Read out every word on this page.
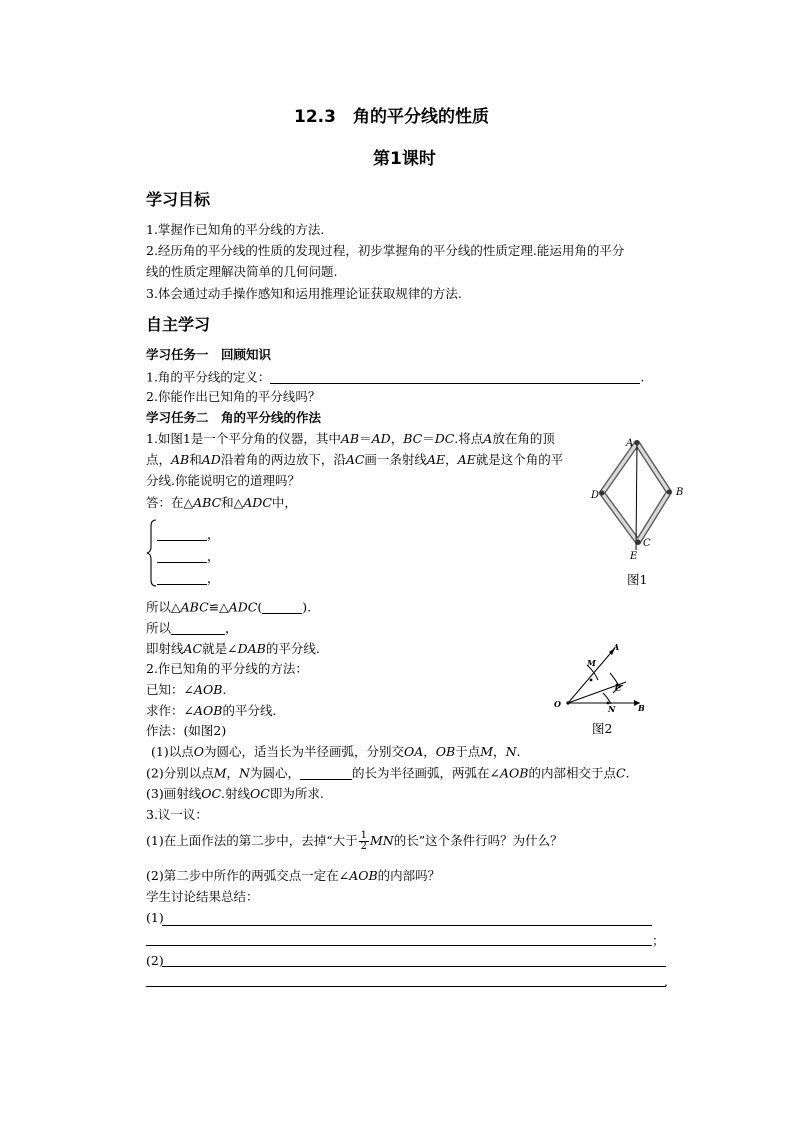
12.3　角的平分线的性质
第1课时
学习目标
1.掌握作已知角的平分线的方法.
2.经历角的平分线的性质的发现过程，初步掌握角的平分线的性质定理.能运用角的平分
线的性质定理解决简单的几何问题.
3.体会通过动手操作感知和运用推理论证获取规律的方法.
自主学习
学习任务一　回顾知识
1.角的平分线的定义：	.
2.你能作出已知角的平分线吗？
学习任务二　角的平分线的作法
1.如图1是一个平分角的仪器，其中AB＝AD，BC＝DC.将点A放在角的顶
点，AB和AD沿着角的两边放下，沿AC画一条射线AE，AE就是这个角的平
分线.你能说明它的道理吗？
答：在△ABC和△ADC中，
，
，
，
所以△ABC≌△ADC(	).
所以	，
即射线AC就是∠DAB的平分线.
2.作已知角的平分线的方法：
已知：∠AOB.
求作：∠AOB的平分线.
作法：(如图2)
(1)以点O为圆心，适当长为半径画弧，分别交OA，OB于点M，N.
(2)分别以点M，N为圆心，	的长为半径画弧，两弧在∠AOB的内部相交于点C.
(3)画射线OC.射线OC即为所求.
3.议一议：
(1)在上面作法的第二步中，去掉“大于 $\frac{1}{2}$ MN的长”这个条件行吗？为什么？
(2)第二步中所作的两弧交点一定在∠AOB的内部吗？
学生讨论结果总结：
(1)
；
(2)
.
A
B
C
D
E
图1
A
B
C
M
N
O
图2
